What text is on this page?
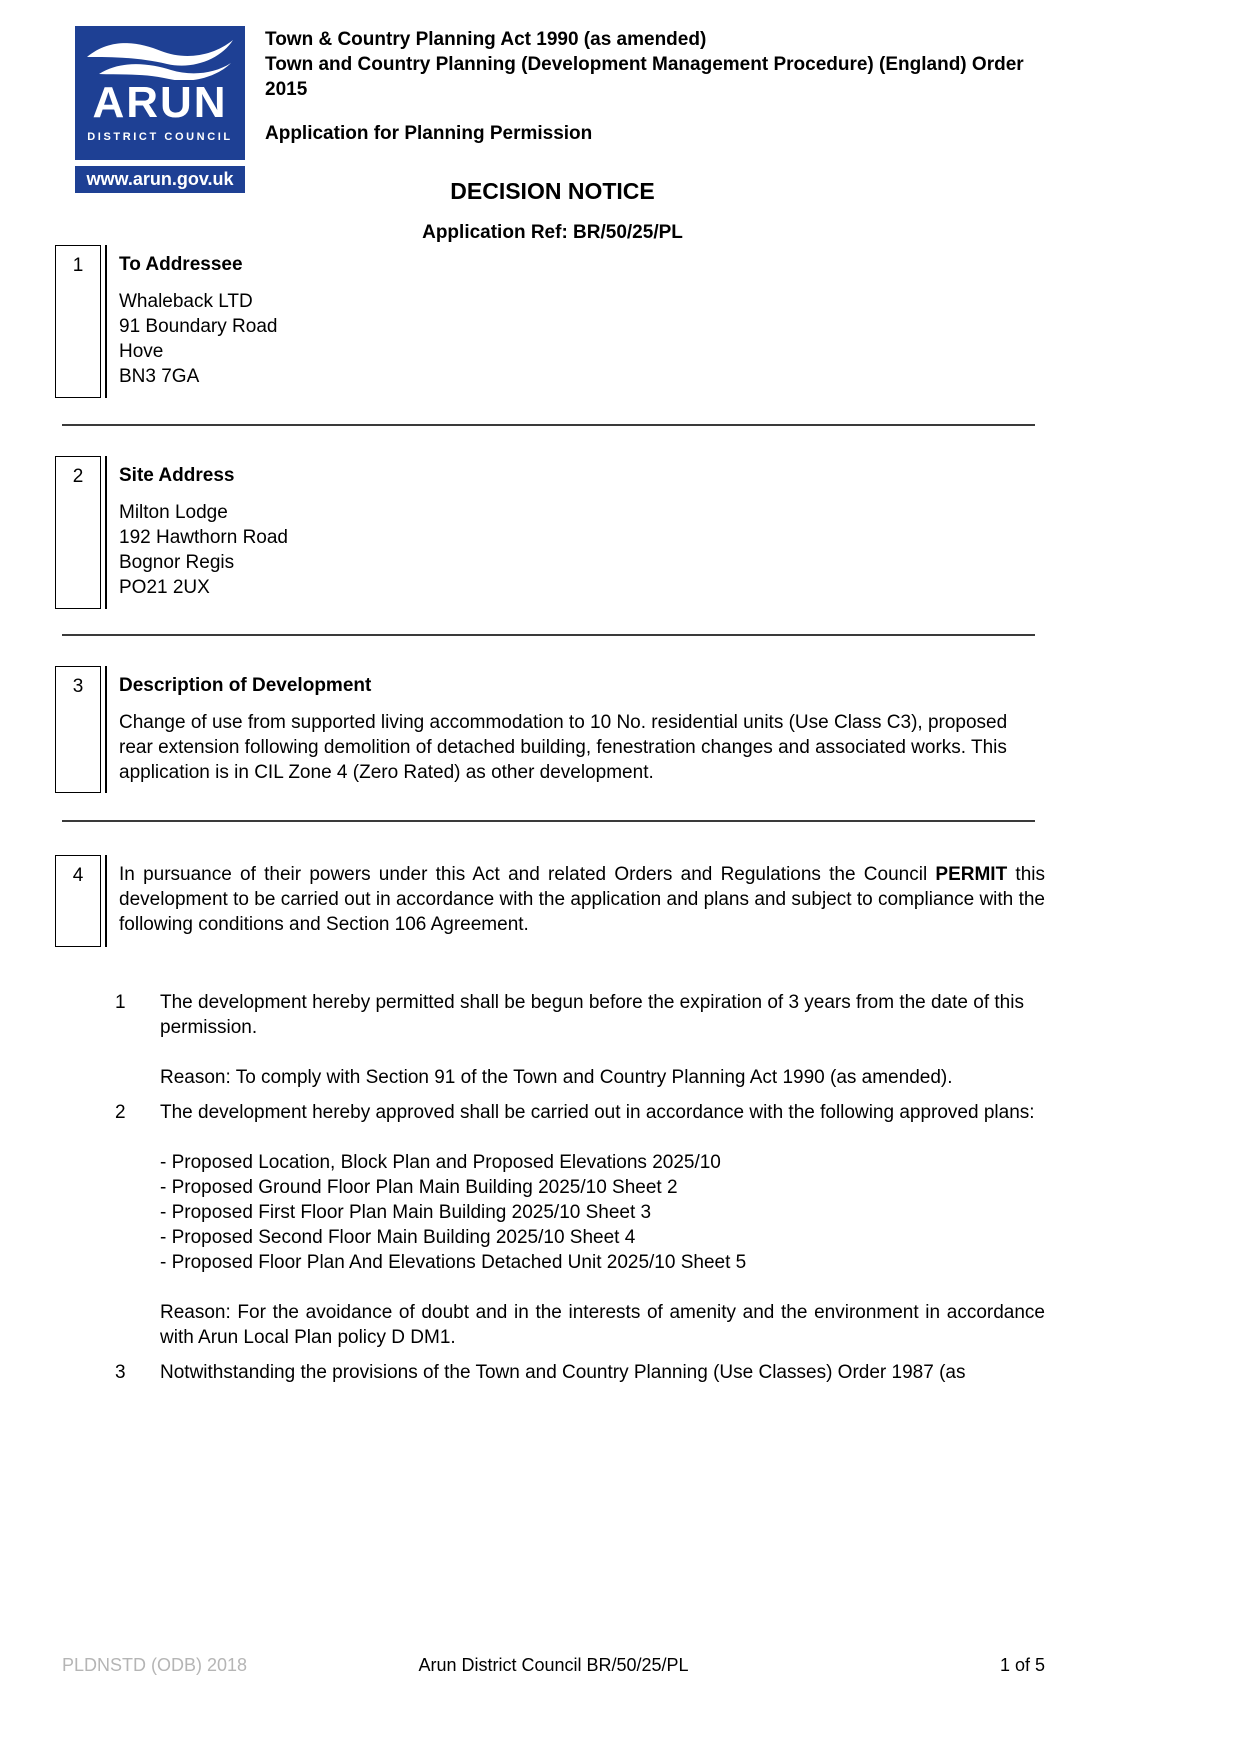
ARUN
DISTRICT COUNCIL
www.arun.gov.uk
Town & Country Planning Act 1990 (as amended)
Town and Country Planning (Development Management Procedure) (England) Order 2015
Application for Planning Permission
DECISION NOTICE
Application Ref: BR/50/25/PL
1	To Addressee
Whaleback LTD
91 Boundary Road
Hove
BN3 7GA
2	Site Address
Milton Lodge
192 Hawthorn Road
Bognor Regis
PO21 2UX
3	Description of Development
Change of use from supported living accommodation to 10 No. residential units (Use Class C3), proposed rear extension following demolition of detached building, fenestration changes and associated works. This application is in CIL Zone 4 (Zero Rated) as other development.
4	In pursuance of their powers under this Act and related Orders and Regulations the Council PERMIT this development to be carried out in accordance with the application and plans and subject to compliance with the following conditions and Section 106 Agreement.
1	The development hereby permitted shall be begun before the expiration of 3 years from the date of this permission.
Reason: To comply with Section 91 of the Town and Country Planning Act 1990 (as amended).
2	The development hereby approved shall be carried out in accordance with the following approved plans:
- Proposed Location, Block Plan and Proposed Elevations 2025/10
- Proposed Ground Floor Plan Main Building 2025/10 Sheet 2
- Proposed First Floor Plan Main Building 2025/10 Sheet 3
- Proposed Second Floor Main Building 2025/10 Sheet 4
- Proposed Floor Plan And Elevations Detached Unit 2025/10 Sheet 5
Reason: For the avoidance of doubt and in the interests of amenity and the environment in accordance with Arun Local Plan policy D DM1.
3	Notwithstanding the provisions of the Town and Country Planning (Use Classes) Order 1987 (as
PLDNSTD (ODB) 2018	Arun District Council BR/50/25/PL	1 of 5
